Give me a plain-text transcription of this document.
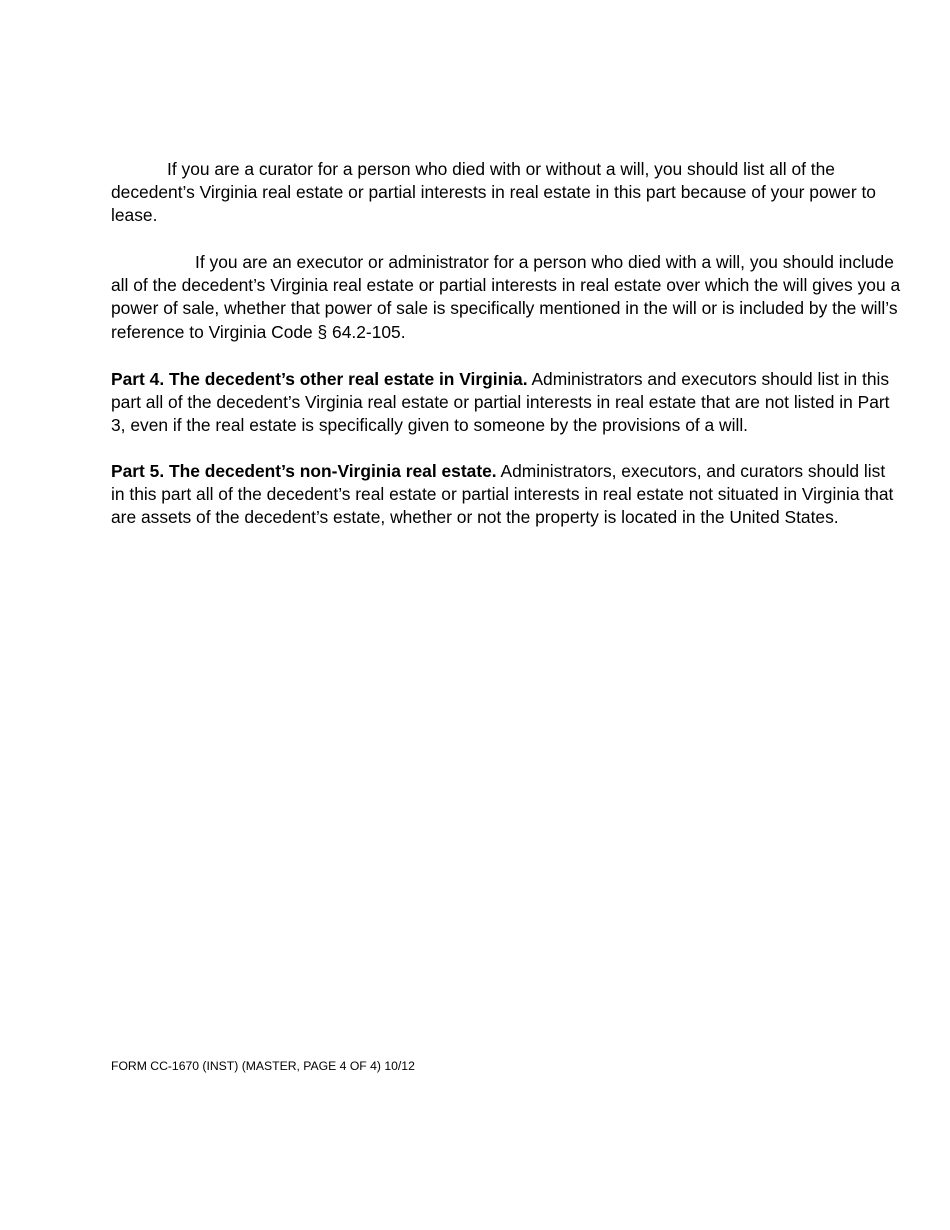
If you are a curator for a person who died with or without a will, you should list all of the decedent’s Virginia real estate or partial interests in real estate in this part because of your power to lease.

If you are an executor or administrator for a person who died with a will, you should include all of the decedent’s Virginia real estate or partial interests in real estate over which the will gives you a power of sale, whether that power of sale is specifically mentioned in the will or is included by the will’s reference to Virginia Code § 64.2-105.

Part 4. The decedent’s other real estate in Virginia. Administrators and executors should list in this part all of the decedent’s Virginia real estate or partial interests in real estate that are not listed in Part 3, even if the real estate is specifically given to someone by the provisions of a will.

Part 5. The decedent’s non-Virginia real estate. Administrators, executors, and curators should list in this part all of the decedent’s real estate or partial interests in real estate not situated in Virginia that are assets of the decedent’s estate, whether or not the property is located in the United States.

FORM CC-1670 (INST) (MASTER, PAGE 4 OF 4) 10/12
